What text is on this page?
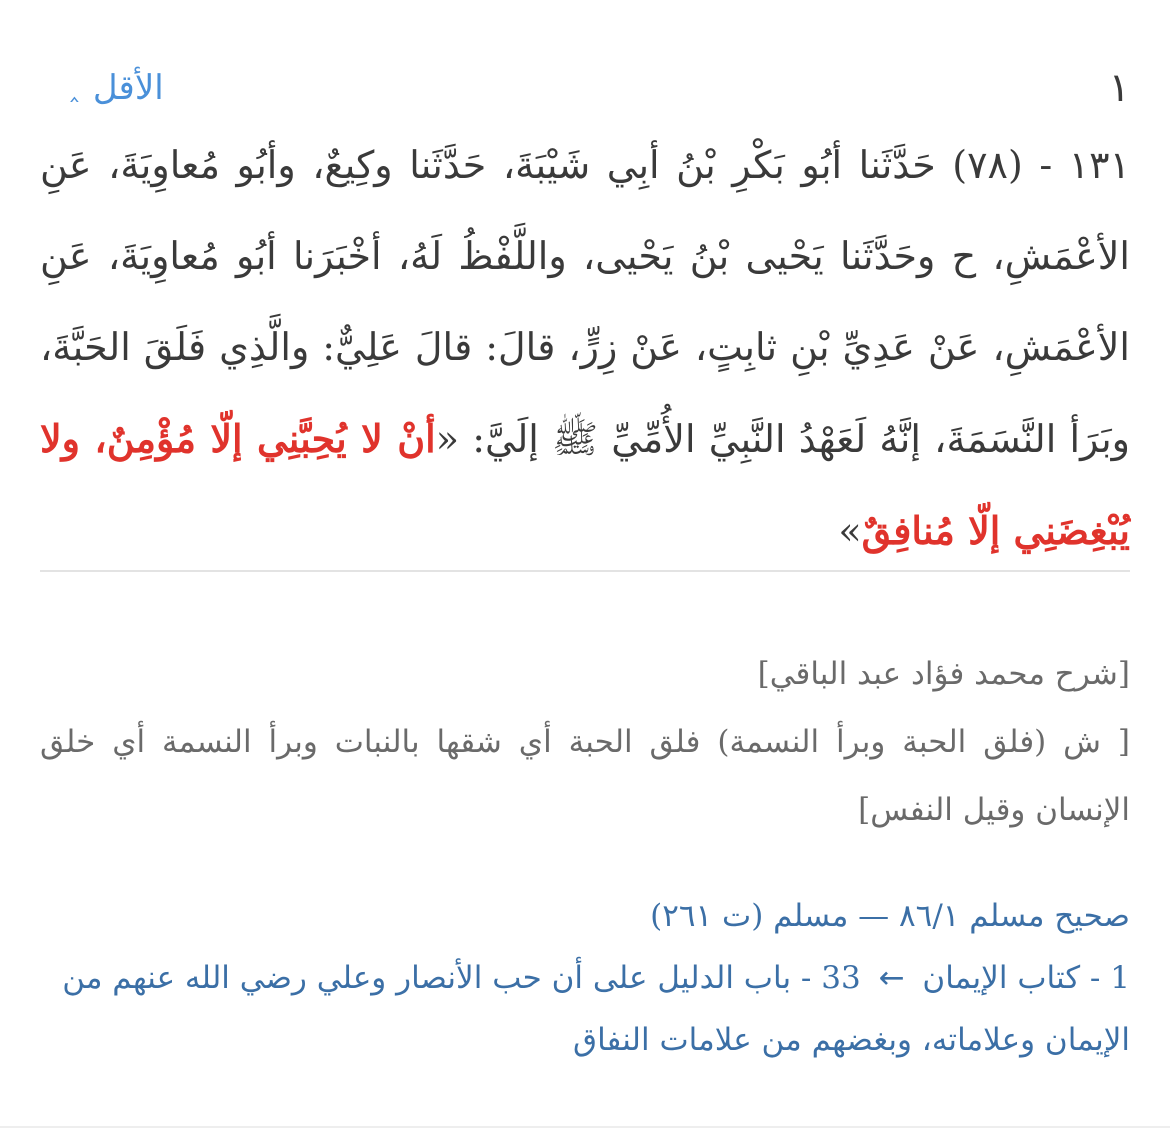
١
الأقل
‸
١٣١ - (٧٨) حَدَّثَنا أبُو بَكْرِ بْنُ أبِي شَيْبَةَ، حَدَّثَنا وكِيعٌ، وأبُو مُعاوِيَةَ، عَنِ الأعْمَشِ، ح وحَدَّثَنا يَحْيى بْنُ يَحْيى، واللَّفْظُ لَهُ، أخْبَرَنا أبُو مُعاوِيَةَ، عَنِ الأعْمَشِ، عَنْ عَدِيِّ بْنِ ثابِتٍ، عَنْ زِرٍّ، قالَ: قالَ عَلِيٌّ: والَّذِي فَلَقَ الحَبَّةَ، وبَرَأ النَّسَمَةَ، إنَّهُ لَعَهْدُ النَّبِيِّ الأُمِّيِّ ﷺ إلَيَّ: «أنْ لا يُحِبَّنِي إلّا مُؤْمِنٌ، ولا يُبْغِضَنِي إلّا مُنافِقٌ»

[شرح محمد فؤاد عبد الباقي]

[ ش (فلق الحبة وبرأ النسمة) فلق الحبة أي شقها بالنبات وبرأ النسمة أي خلق الإنسان وقيل النفس]

صحيح مسلم ٨٦/١ — مسلم (ت ٢٦١)

1 - كتاب الإيمان ← 33 - باب الدليل على أن حب الأنصار وعلي رضي الله عنهم من الإيمان وعلاماته، وبغضهم من علامات النفاق
